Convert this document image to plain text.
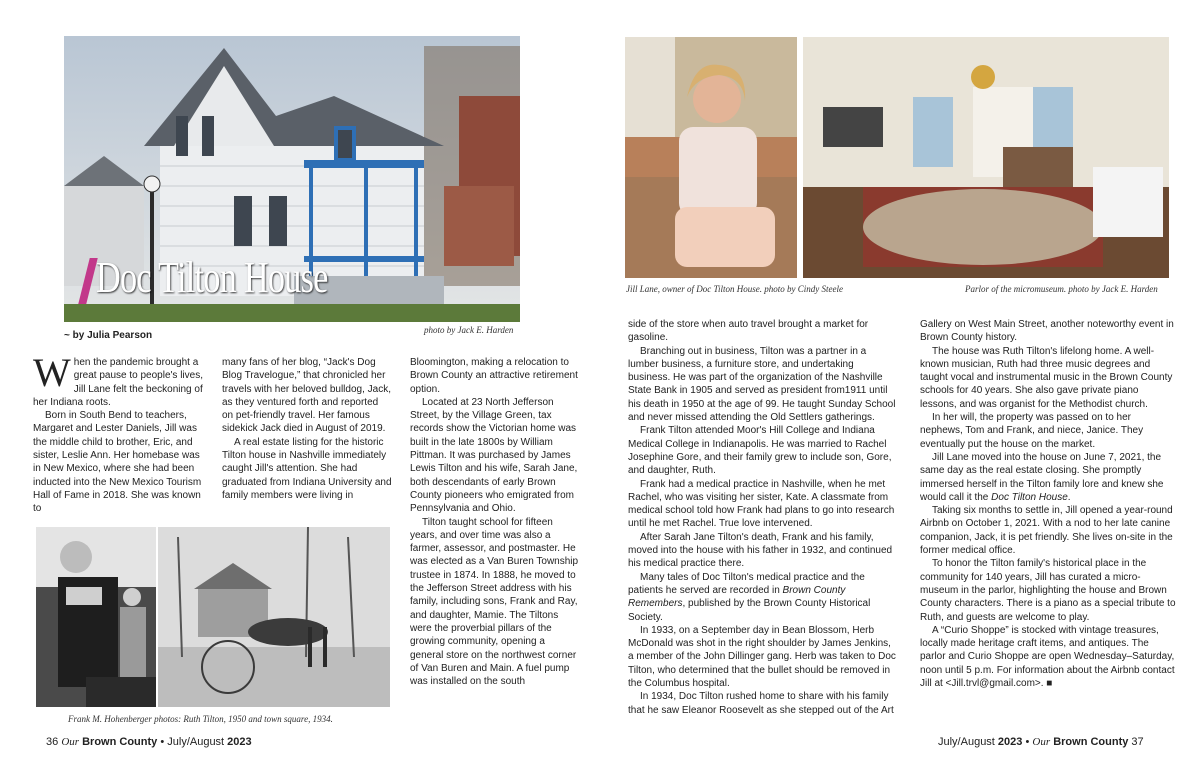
Doc Tilton House
~ by Julia Pearson	photo by Jack E. Harden
Frank M. Hohenberger photos: Ruth Tilton, 1950 and town square, 1934.

When the pandemic brought a great pause to people's lives, Jill Lane felt the beckoning of her Indiana roots.

Born in South Bend to teachers, Margaret and Lester Daniels, Jill was the middle child to brother, Eric, and sister, Leslie Ann. Her homebase was in New Mexico, where she had been inducted into the New Mexico Tourism Hall of Fame in 2018. She was known to

many fans of her blog, “Jack's Dog Blog Travelogue,” that chronicled her travels with her beloved bulldog, Jack, as they ventured forth and reported on pet-friendly travel. Her famous sidekick Jack died in August of 2019.

A real estate listing for the historic Tilton house in Nashville immediately caught Jill's attention. She had graduated from Indiana University and family members were living in

Bloomington, making a relocation to Brown County an attractive retirement option.

Located at 23 North Jefferson Street, by the Village Green, tax records show the Victorian home was built in the late 1800s by William Pittman. It was purchased by James Lewis Tilton and his wife, Sarah Jane, both descendants of early Brown County pioneers who emigrated from Pennsylvania and Ohio.

Tilton taught school for fifteen years, and over time was also a farmer, assessor, and postmaster. He was elected as a Van Buren Township trustee in 1874. In 1888, he moved to the Jefferson Street address with his family, including sons, Frank and Ray, and daughter, Mamie. The Tiltons were the proverbial pillars of the growing community, opening a general store on the northwest corner of Van Buren and Main. A fuel pump was installed on the south

Jill Lane, owner of Doc Tilton House. photo by Cindy Steele	Parlor of the micromuseum. photo by Jack E. Harden

side of the store when auto travel brought a market for gasoline.

Branching out in business, Tilton was a partner in a lumber business, a furniture store, and undertaking business. He was part of the organization of the Nashville State Bank in 1905 and served as president from1911 until his death in 1950 at the age of 99. He taught Sunday School and never missed attending the Old Settlers gatherings.

Frank Tilton attended Moor's Hill College and Indiana Medical College in Indianapolis. He was married to Rachel Josephine Gore, and their family grew to include son, Gore, and daughter, Ruth.

Frank had a medical practice in Nashville, when he met Rachel, who was visiting her sister, Kate. A classmate from medical school told how Frank had plans to go into research until he met Rachel. True love intervened.

After Sarah Jane Tilton's death, Frank and his family, moved into the house with his father in 1932, and continued his medical practice there.

Many tales of Doc Tilton's medical practice and the patients he served are recorded in Brown County Remembers, published by the Brown County Historical Society.

In 1933, on a September day in Bean Blossom, Herb McDonald was shot in the right shoulder by James Jenkins, a member of the John Dillinger gang. Herb was taken to Doc Tilton, who determined that the bullet should be removed in the Columbus hospital.

In 1934, Doc Tilton rushed home to share with his family that he saw Eleanor Roosevelt as she stepped out of the Art

Gallery on West Main Street, another noteworthy event in Brown County history.

The house was Ruth Tilton's lifelong home. A well-known musician, Ruth had three music degrees and taught vocal and instrumental music in the Brown County schools for 40 years. She also gave private piano lessons, and was organist for the Methodist church.

In her will, the property was passed on to her nephews, Tom and Frank, and niece, Janice. They eventually put the house on the market.

Jill Lane moved into the house on June 7, 2021, the same day as the real estate closing. She promptly immersed herself in the Tilton family lore and knew she would call it the Doc Tilton House.

Taking six months to settle in, Jill opened a year-round Airbnb on October 1, 2021. With a nod to her late canine companion, Jack, it is pet friendly. She lives on-site in the former medical office.

To honor the Tilton family's historical place in the community for 140 years, Jill has curated a micro-museum in the parlor, highlighting the house and Brown County characters. There is a piano as a special tribute to Ruth, and guests are welcome to play.

A “Curio Shoppe” is stocked with vintage treasures, locally made heritage craft items, and antiques. The parlor and Curio Shoppe are open Wednesday–Saturday, noon until 5 p.m. For information about the Airbnb contact Jill at <Jill.trvl@gmail.com>. ■

36 Our Brown County • July/August 2023	July/August 2023 • Our Brown County 37
